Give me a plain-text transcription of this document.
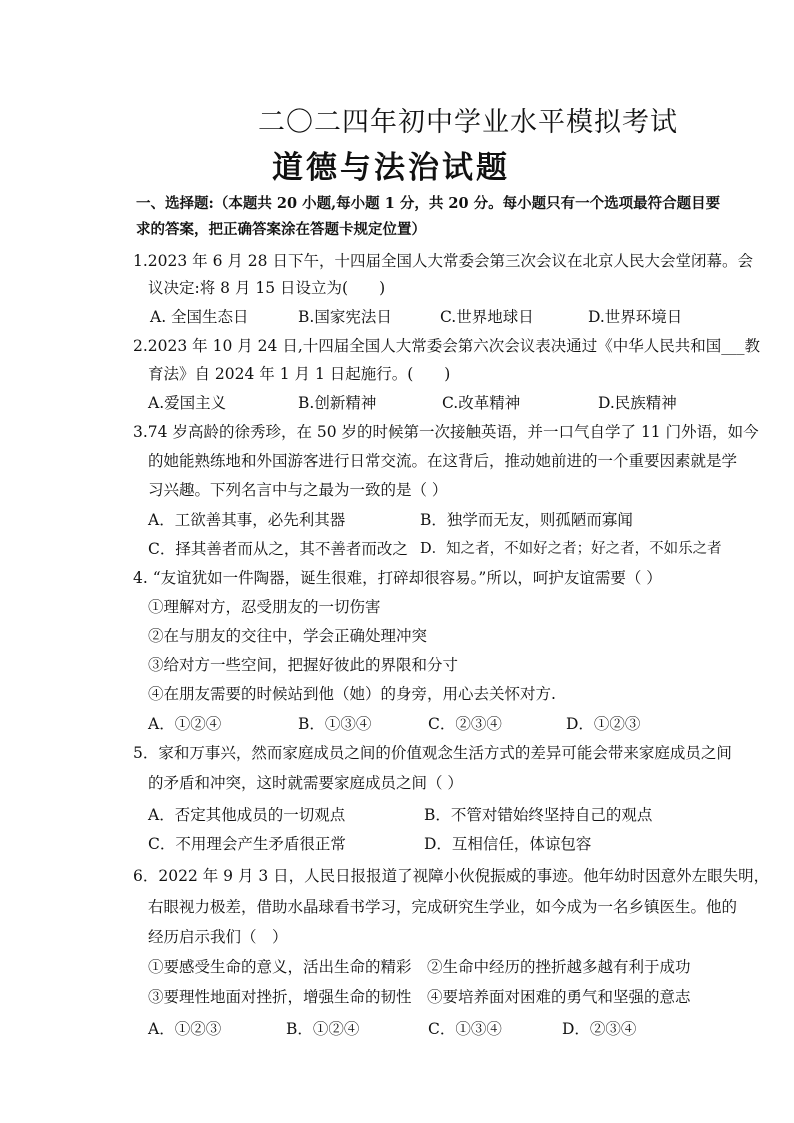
二〇二四年初中学业水平模拟考试
道德与法治试题
一、选择题:（本题共 20 小题,每小题 1 分，共 20 分。每小题只有一个选项最符合题目要
求的答案，把正确答案涂在答题卡规定位置）
1.2023 年 6 月 28 日下午，十四届全国人大常委会第三次会议在北京人民大会堂闭幕。会
议决定:将 8 月 15 日设立为(　　)
A. 全国生态日	B.国家宪法日	C.世界地球日	D.世界环境日
2.2023 年 10 月 24 日,十四届全国人大常委会第六次会议表决通过《中华人民共和国___教
育法》自 2024 年 1 月 1 日起施行。(　　)
A.爱国主义	B.创新精神	C.改革精神	D.民族精神
3.74 岁高龄的徐秀珍，在 50 岁的时候第一次接触英语，并一口气自学了 11 门外语，如今
的她能熟练地和外国游客进行日常交流。在这背后，推动她前进的一个重要因素就是学
习兴趣。下列名言中与之最为一致的是（ ）
A．工欲善其事，必先利其器	B．独学而无友，则孤陋而寡闻
C．择其善者而从之，其不善者而改之 D．知之者，不如好之者；好之者，不如乐之者
4. “友谊犹如一件陶器，诞生很难，打碎却很容易。”所以，呵护友谊需要（ ）
①理解对方，忍受朋友的一切伤害
②在与朋友的交往中，学会正确处理冲突
③给对方一些空间，把握好彼此的界限和分寸
④在朋友需要的时候站到他（她）的身旁，用心去关怀对方.
A．①②④	B．①③④	C．②③④	D．①②③
5．家和万事兴，然而家庭成员之间的价值观念生活方式的差异可能会带来家庭成员之间
的矛盾和冲突，这时就需要家庭成员之间（ ）
A．否定其他成员的一切观点	B．不管对错始终坚持自己的观点
C．不用理会产生矛盾很正常	D．互相信任，体谅包容
6．2022 年 9 月 3 日，人民日报报道了视障小伙倪振威的事迹。他年幼时因意外左眼失明，
右眼视力极差，借助水晶球看书学习，完成研究生学业，如今成为一名乡镇医生。他的
经历启示我们（　）
①要感受生命的意义，活出生命的精彩　②生命中经历的挫折越多越有利于成功
③要理性地面对挫折，增强生命的韧性　④要培养面对困难的勇气和坚强的意志
A．①②③	B．①②④	C．①③④	D．②③④
